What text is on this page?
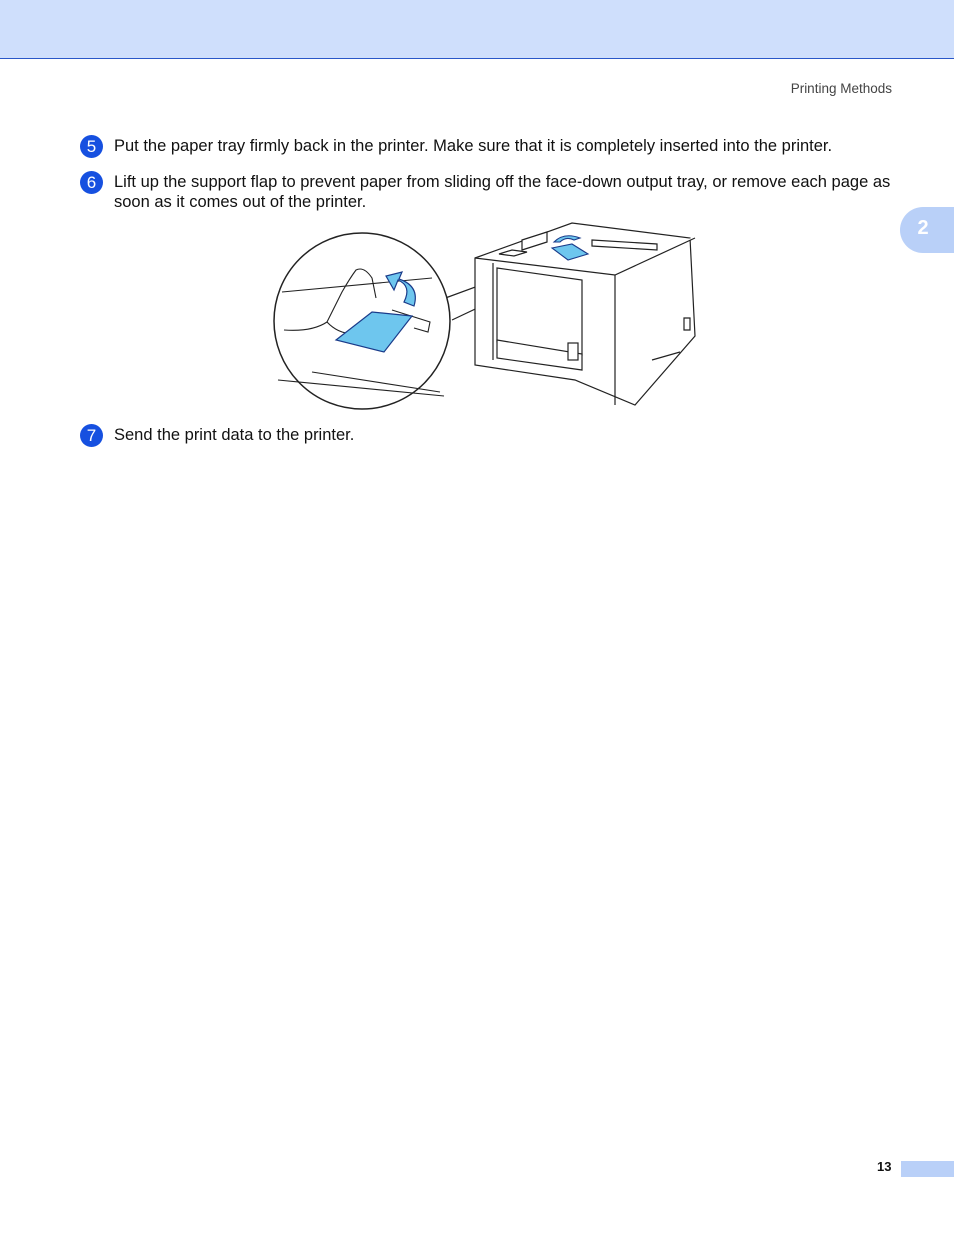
Printing Methods
2
5	Put the paper tray firmly back in the printer. Make sure that it is completely inserted into the printer.
6	Lift up the support flap to prevent paper from sliding off the face-down output tray, or remove each page as soon as it comes out of the printer.
7	Send the print data to the printer.
13
